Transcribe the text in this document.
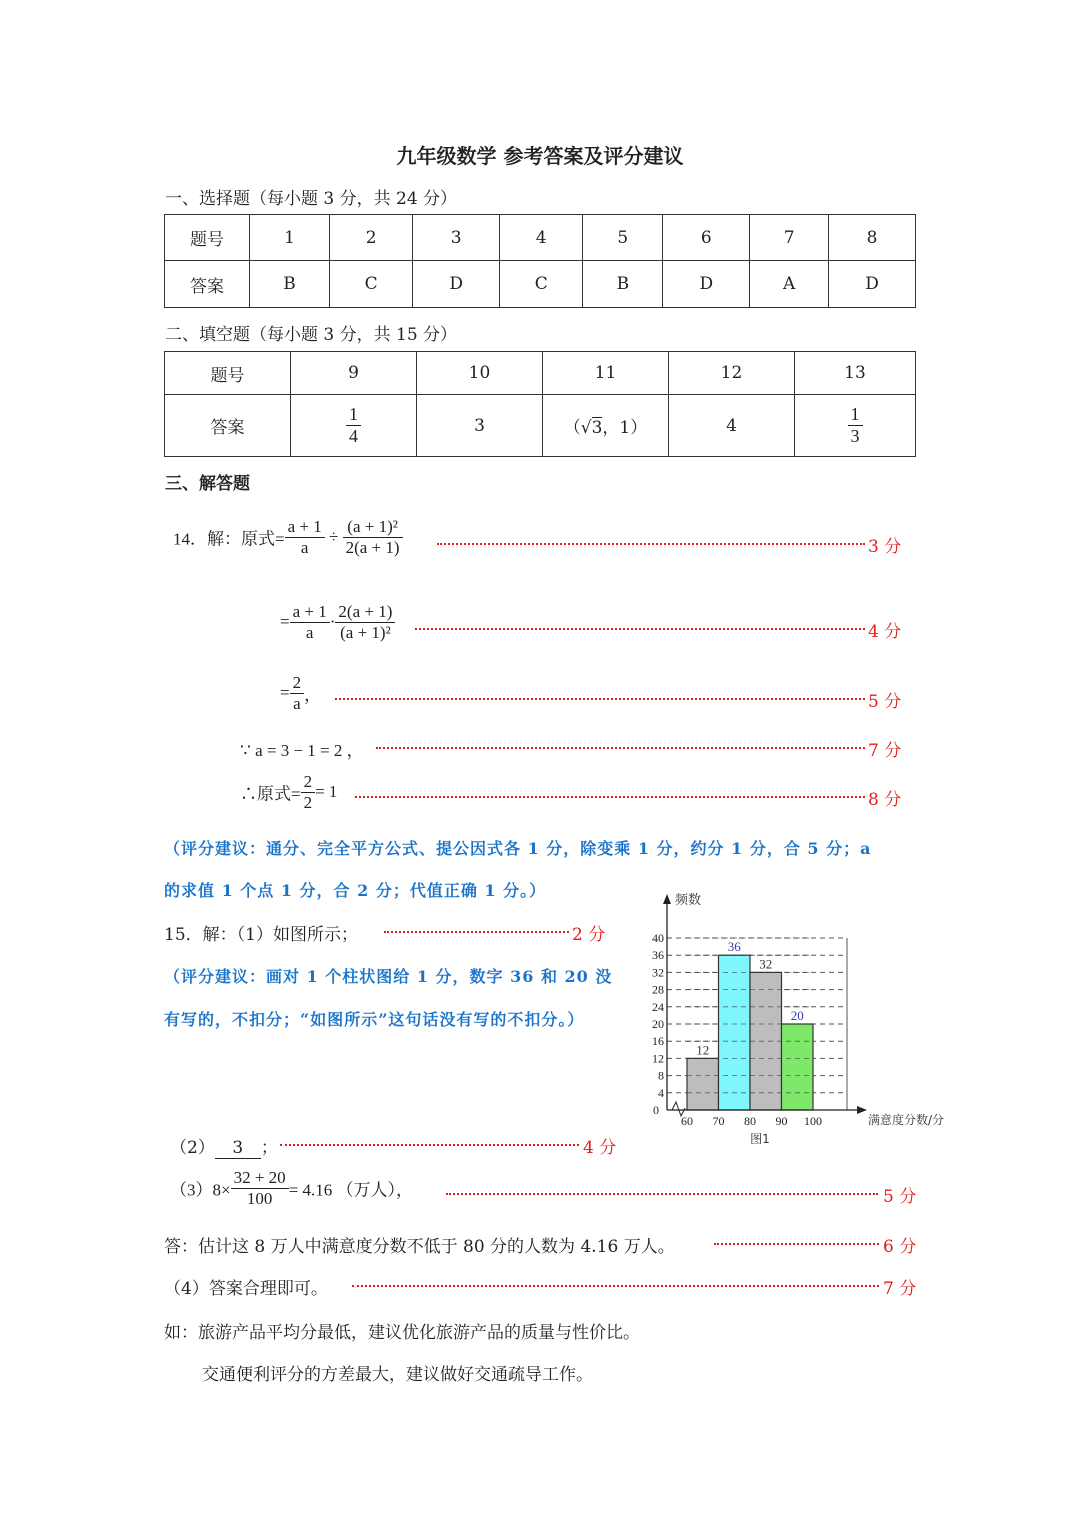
九年级数学 参考答案及评分建议
一、选择题（每小题 3 分，共 24 分）
题号	1	2	3	4	5	6	7	8
答案	B	C	D	C	B	D	A	D
二、填空题（每小题 3 分，共 15 分）
题号	9	10	11	12	13
答案	$\frac{1}{4}$	3	（√3，1）	4	$\frac{1}{3}$
三、解答题
14．解：原式= $\frac{a + 1}{a} \div \frac{\text{(a + 1)²}}{2(a + 1)}$	3 分
= $\frac{a + 1}{a} \cdot \frac{2(a + 1)}{\text{(a + 1)²}}$	4 分
= $\frac{2}{a}$ ，	5 分
∵ a = 3 − 1 = 2 ，	7 分
∴原式= $\frac{2}{2} = 1$	8 分
（评分建议：通分、完全平方公式、提公因式各 1 分，除变乘 1 分，约分 1 分，合 5 分；a
的求值 1 个点 1 分，合 2 分；代值正确 1 分。）
15．解：（1）如图所示；	2 分
（评分建议：画对 1 个柱状图给 1 分，数字 36 和 20 没
有写的，不扣分；“如图所示”这句话没有写的不扣分。）
4
8
12
16
20
24
28
32
36
40
0
12
36
32
20
60 70 80 90 100
频数
满意度分数/分
图1
（2） 3 ；	4 分
$(3)8\times \frac{32 + 20}{100} = 4.16$ （万人），	5 分
答：估计这 8 万人中满意度分数不低于 80 分的人数为 4.16 万人。	6 分
（4）答案合理即可。	7 分
如：旅游产品平均分最低，建议优化旅游产品的质量与性价比。
交通便利评分的方差最大，建议做好交通疏导工作。
